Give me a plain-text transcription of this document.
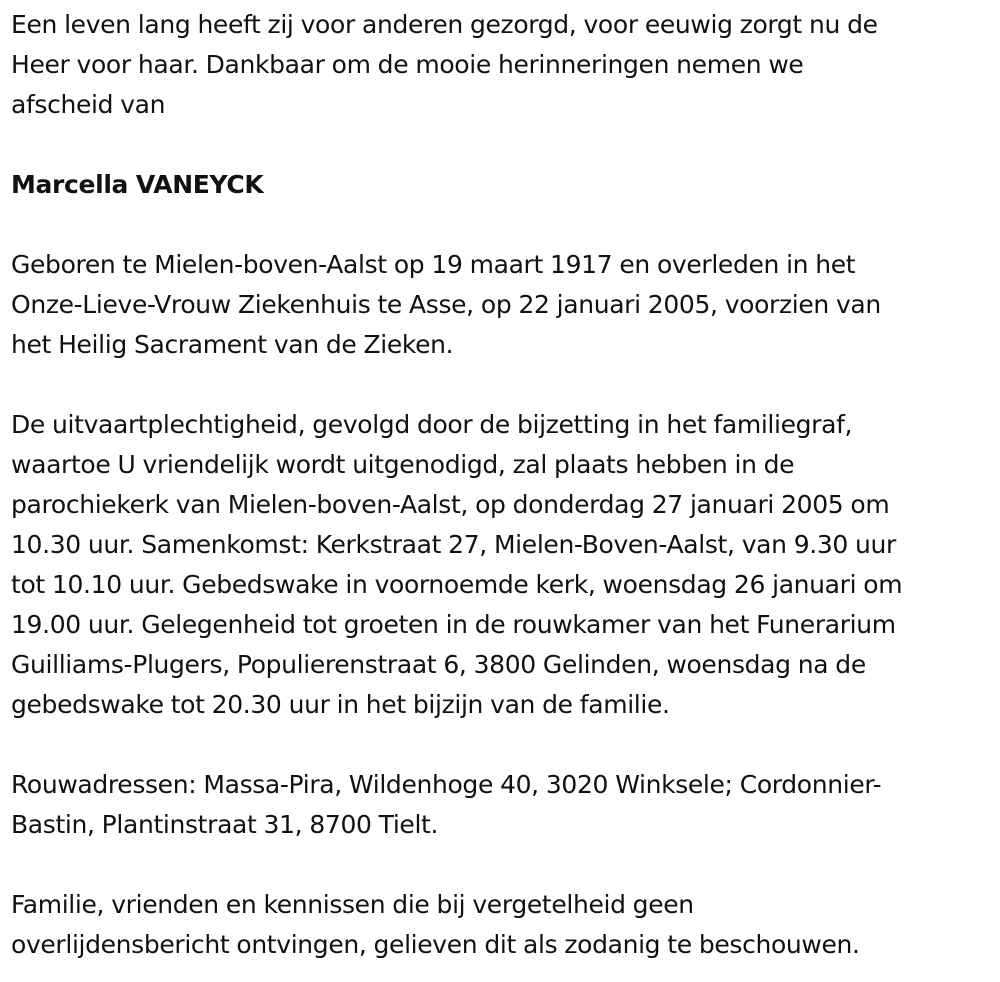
Een leven lang heeft zij voor anderen gezorgd, voor eeuwig zorgt nu de
Heer voor haar. Dankbaar om de mooie herinneringen nemen we
afscheid van

Marcella VANEYCK

Geboren te Mielen-boven-Aalst op 19 maart 1917 en overleden in het
Onze-Lieve-Vrouw Ziekenhuis te Asse, op 22 januari 2005, voorzien van
het Heilig Sacrament van de Zieken.

De uitvaartplechtigheid, gevolgd door de bijzetting in het familiegraf,
waartoe U vriendelijk wordt uitgenodigd, zal plaats hebben in de
parochiekerk van Mielen-boven-Aalst, op donderdag 27 januari 2005 om
10.30 uur. Samenkomst: Kerkstraat 27, Mielen-Boven-Aalst, van 9.30 uur
tot 10.10 uur. Gebedswake in voornoemde kerk, woensdag 26 januari om
19.00 uur. Gelegenheid tot groeten in de rouwkamer van het Funerarium
Guilliams-Plugers, Populierenstraat 6, 3800 Gelinden, woensdag na de
gebedswake tot 20.30 uur in het bijzijn van de familie.

Rouwadressen: Massa-Pira, Wildenhoge 40, 3020 Winksele; Cordonnier-
Bastin, Plantinstraat 31, 8700 Tielt.

Familie, vrienden en kennissen die bij vergetelheid geen
overlijdensbericht ontvingen, gelieven dit als zodanig te beschouwen.
